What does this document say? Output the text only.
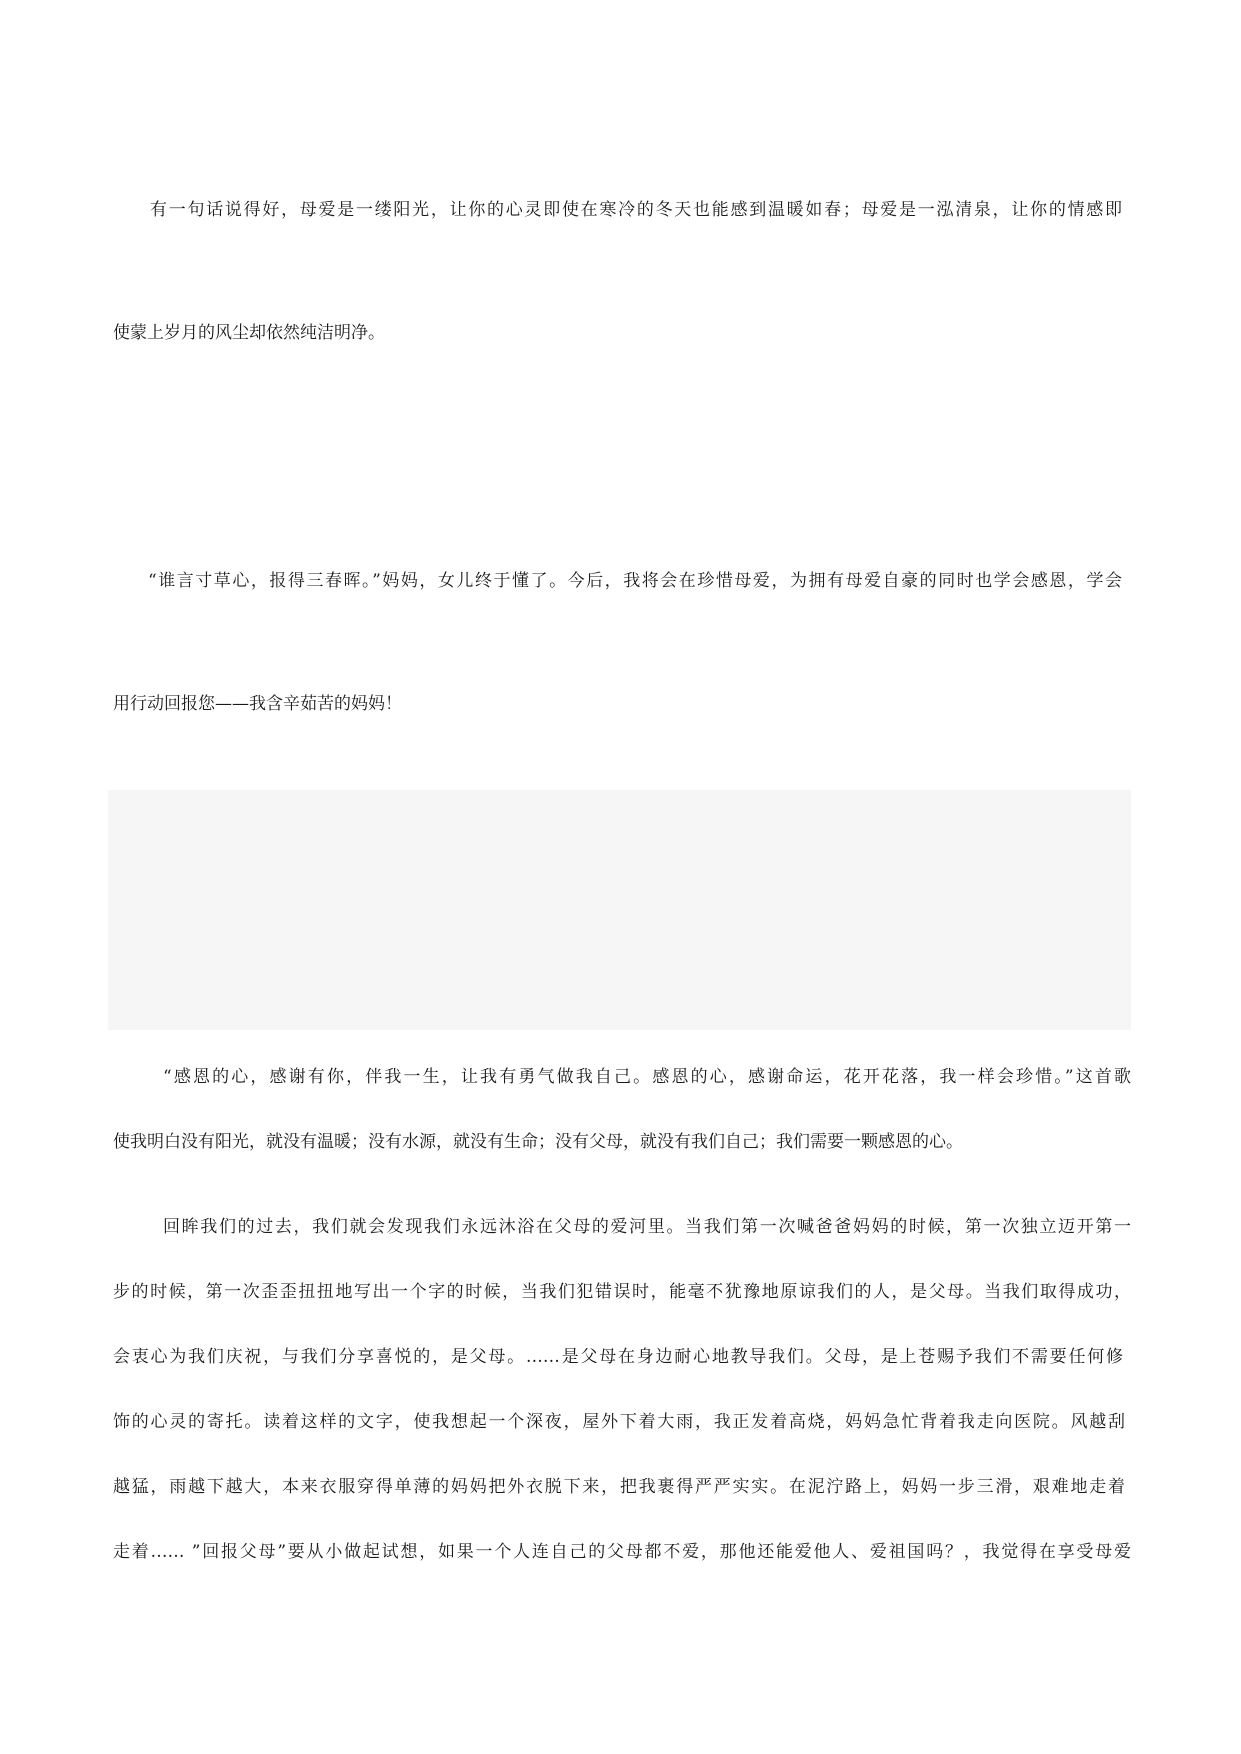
有一句话说得好，母爱是一缕阳光，让你的心灵即使在寒冷的冬天也能感到温暖如春；母爱是一泓清泉，让你的情感即

使蒙上岁月的风尘却依然纯洁明净。

“谁言寸草心，报得三春晖。”妈妈，女儿终于懂了。今后，我将会在珍惜母爱，为拥有母爱自豪的同时也学会感恩，学会

用行动回报您——我含辛茹苦的妈妈！

“感恩的心，感谢有你，伴我一生，让我有勇气做我自己。感恩的心，感谢命运，花开花落，我一样会珍惜。”这首歌

使我明白没有阳光，就没有温暖；没有水源，就没有生命；没有父母，就没有我们自己；我们需要一颗感恩的心。

回眸我们的过去，我们就会发现我们永远沐浴在父母的爱河里。当我们第一次喊爸爸妈妈的时候，第一次独立迈开第一

步的时候，第一次歪歪扭扭地写出一个字的时候，当我们犯错误时，能毫不犹豫地原谅我们的人，是父母。当我们取得成功，

会衷心为我们庆祝，与我们分享喜悦的，是父母。……是父母在身边耐心地教导我们。父母，是上苍赐予我们不需要任何修

饰的心灵的寄托。读着这样的文字，使我想起一个深夜，屋外下着大雨，我正发着高烧，妈妈急忙背着我走向医院。风越刮

越猛，雨越下越大，本来衣服穿得单薄的妈妈把外衣脱下来，把我裹得严严实实。在泥泞路上，妈妈一步三滑，艰难地走着

走着…… ”回报父母”要从小做起试想，如果一个人连自己的父母都不爱，那他还能爱他人、爱祖国吗？，我觉得在享受母爱
